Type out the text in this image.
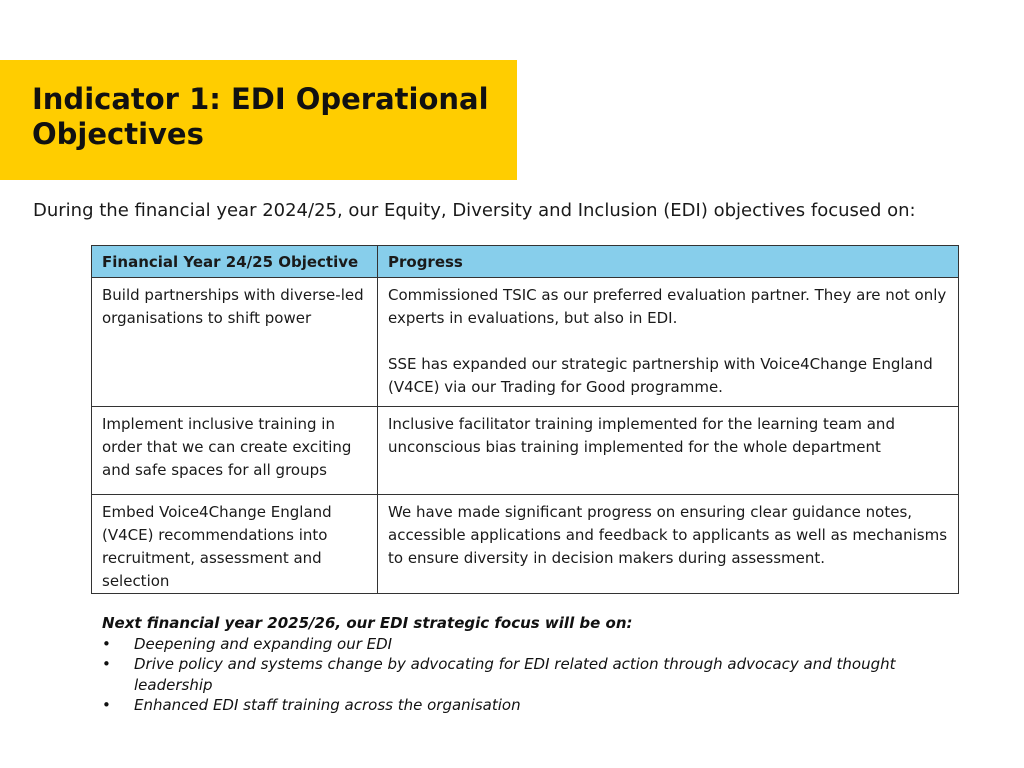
Indicator 1: EDI Operational
Objectives

During the financial year 2024/25, our Equity, Diversity and Inclusion (EDI) objectives focused on:

Financial Year 24/25 Objective	Progress
Build partnerships with diverse-led organisations to shift power	Commissioned TSIC as our preferred evaluation partner. They are not only experts in evaluations, but also in EDI.
SSE has expanded our strategic partnership with Voice4Change England (V4CE) via our Trading for Good programme.
Implement inclusive training in order that we can create exciting and safe spaces for all groups	Inclusive facilitator training implemented for the learning team and unconscious bias training implemented for the whole department
Embed Voice4Change England (V4CE) recommendations into recruitment, assessment and selection	We have made significant progress on ensuring clear guidance notes, accessible applications and feedback to applicants as well as mechanisms to ensure diversity in decision makers during assessment.

Next financial year 2025/26, our EDI strategic focus will be on:

• Deepening and expanding our EDI
• Drive policy and systems change by advocating for EDI related action through advocacy and thought leadership
• Enhanced EDI staff training across the organisation
